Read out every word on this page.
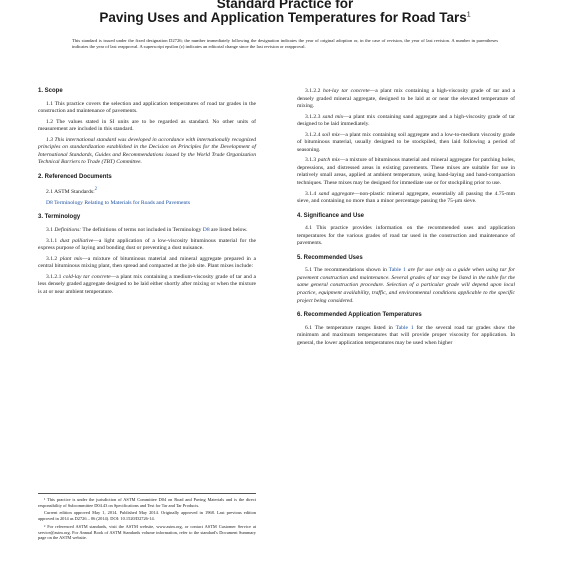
Standard Practice for
Paving Uses and Application Temperatures for Road Tars$^1$
This standard is issued under the fixed designation D2726; the number immediately following the designation indicates the year of original adoption or, in the case of revision, the year of last revision. A number in parentheses indicates the year of last reapproval. A superscript epsilon (ε) indicates an editorial change since the last revision or reapproval.
1. Scope

1.1 This practice covers the selection and application temperatures of road tar grades in the construction and maintenance of pavements.

1.2 The values stated in SI units are to be regarded as standard. No other units of measurement are included in this standard.

1.3 This international standard was developed in accordance with internationally recognized principles on standardization established in the Decision on Principles for the Development of International Standards, Guides and Recommendations issued by the World Trade Organization Technical Barriers to Trade (TBT) Committee.

2. Referenced Documents

2.1 ASTM Standards:$^2$

D8 Terminology Relating to Materials for Roads and Pavements

3. Terminology

3.1 Definitions: The definitions of terms not included in Terminology D8 are listed below.

3.1.1 dust palliative—a light application of a low-viscosity bituminous material for the express purpose of laying and bonding dust or preventing a dust nuisance.

3.1.2 plant mix—a mixture of bituminous material and mineral aggregate prepared in a central bituminous mixing plant, then spread and compacted at the job site. Plant mixes include:

3.1.2.1 cold-lay tar concrete—a plant mix containing a medium-viscosity grade of tar and a less densely graded aggregate designed to be laid either shortly after mixing or when the mixture is at or near ambient temperature.

¹ This practice is under the jurisdiction of ASTM Committee D04 on Road and Paving Materials and is the direct responsibility of Subcommittee D04.43 on Specifications and Test for Tar and Tar Products.

Current edition approved May 1, 2014. Published May 2014. Originally approved in 1968. Last previous edition approved in 2014 as D2726 – 06 (2014). DOI: 10.1520/D2726-14.

² For referenced ASTM standards, visit the ASTM website, www.astm.org, or contact ASTM Customer Service at service@astm.org. For Annual Book of ASTM Standards volume information, refer to the standard's Document Summary page on the ASTM website.

3.1.2.2 hot-lay tar concrete—a plant mix containing a high-viscosity grade of tar and a densely graded mineral aggregate, designed to be laid at or near the elevated temperature of mixing.

3.1.2.3 sand mix—a plant mix containing sand aggregate and a high-viscosity grade of tar designed to be laid immediately.

3.1.2.4 soil mix—a plant mix containing soil aggregate and a low-to-medium viscosity grade of bituminous material, usually designed to be stockpiled, then laid following a period of seasoning.

3.1.3 patch mix—a mixture of bituminous material and mineral aggregate for patching holes, depressions, and distressed areas in existing pavements. These mixes are suitable for use in relatively small areas, applied at ambient temperature, using hand-laying and hand-compaction techniques. These mixes may be designed for immediate use or for stockpiling prior to use.

3.1.4 sand aggregate—non-plastic mineral aggregate, essentially all passing the 4.75-mm sieve, and containing no more than a minor percentage passing the 75-μm sieve.

4. Significance and Use

4.1 This practice provides information on the recommended uses and application temperatures for the various grades of road tar used in the construction and maintenance of pavements.

5. Recommended Uses

5.1 The recommendations shown in Table 1 are for use only as a guide when using tar for pavement construction and maintenance. Several grades of tar may be listed in the table for the same general construction procedure. Selection of a particular grade will depend upon local practice, equipment availability, traffic, and environmental conditions applicable to the specific project being considered.

6. Recommended Application Temperatures

6.1 The temperature ranges listed in Table 1 for the several road tar grades show the minimum and maximum temperatures that will provide proper viscosity for application. In general, the lower application temperatures may be used when higher
